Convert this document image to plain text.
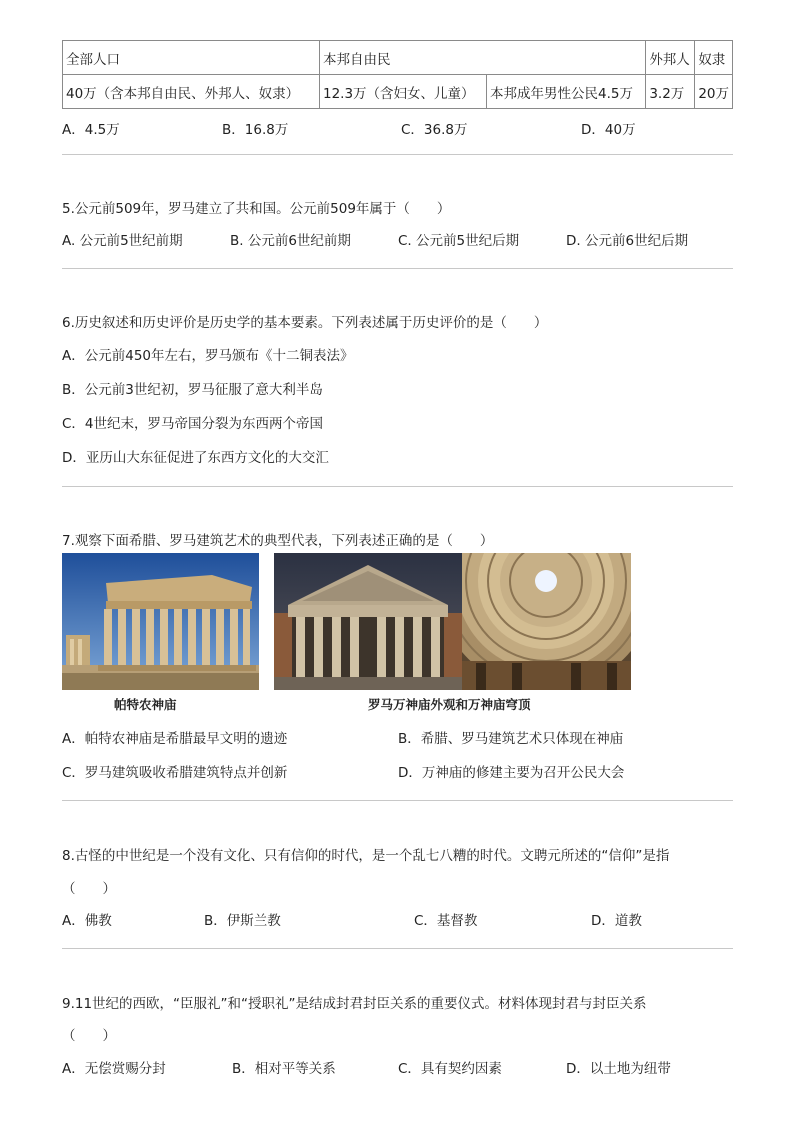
全部人口	本邦自由民		外邦人	奴隶
40万（含本邦自由民、外邦人、奴隶）	12.3万（含妇女、儿童）	本邦成年男性公民4.5万	3.2万	20万
A．4.5万	B．16.8万	C．36.8万	D．40万
5.公元前509年，罗马建立了共和国。公元前509年属于（　　）
A. 公元前5世纪前期	B. 公元前6世纪前期	C. 公元前5世纪后期	D. 公元前6世纪后期
6.历史叙述和历史评价是历史学的基本要素。下列表述属于历史评价的是（　　）
A．公元前450年左右，罗马颁布《十二铜表法》
B．公元前3世纪初，罗马征服了意大利半岛
C．4世纪末，罗马帝国分裂为东西两个帝国
D．亚历山大东征促进了东西方文化的大交汇
7.观察下面希腊、罗马建筑艺术的典型代表，下列表述正确的是（　　）
帕特农神庙	罗马万神庙外观和万神庙穹顶
A．帕特农神庙是希腊最早文明的遗迹	B．希腊、罗马建筑艺术只体现在神庙
C．罗马建筑吸收希腊建筑特点并创新	D．万神庙的修建主要为召开公民大会
8.古怪的中世纪是一个没有文化、只有信仰的时代，是一个乱七八糟的时代。文聘元所述的“信仰”是指
（　　）
A．佛教	B．伊斯兰教	C．基督教	D．道教
9.11世纪的西欧，“臣服礼”和“授职礼”是结成封君封臣关系的重要仪式。材料体现封君与封臣关系
（　　）
A．无偿赏赐分封	B．相对平等关系	C．具有契约因素	D．以土地为纽带
